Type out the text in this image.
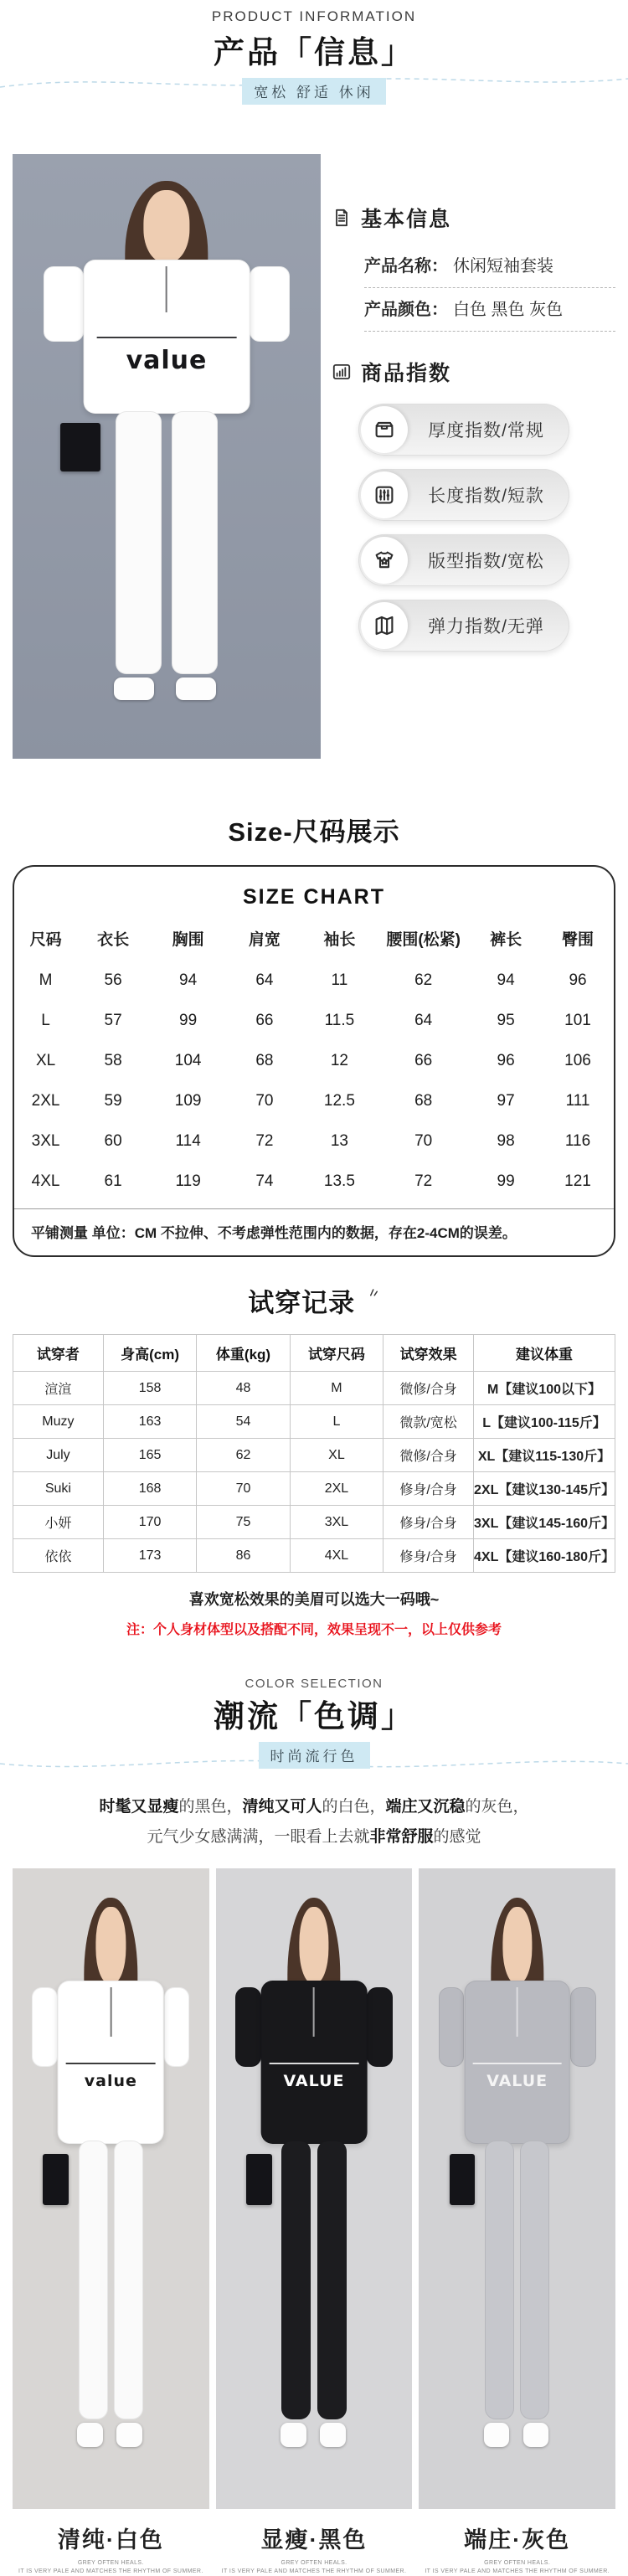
PRODUCT INFORMATION
产品「信息」
宽松 舒适 休闲
value
基本信息
产品名称： 休闲短袖套装
产品颜色： 白色 黑色 灰色
商品指数
厚度指数/常规
长度指数/短款
版型指数/宽松
弹力指数/无弹
Size-尺码展示
SIZE CHART
尺码	衣长	胸围	肩宽	袖长	腰围(松紧)	裤长	臀围
M	56	94	64	11	62	94	96
L	57	99	66	11.5	64	95	101
XL	58	104	68	12	66	96	106
2XL	59	109	70	12.5	68	97	111
3XL	60	114	72	13	70	98	116
4XL	61	119	74	13.5	72	99	121
平铺测量 单位：CM 不拉伸、不考虑弹性范围内的数据，存在2-4CM的误差。
试穿记录
试穿者	身高(cm)	体重(kg)	试穿尺码	试穿效果	建议体重
渲渲	158	48	M	微修/合身	M【建议100以下】
Muzy	163	54	L	微款/宽松	L【建议100-115斤】
July	165	62	XL	微修/合身	XL【建议115-130斤】
Suki	168	70	2XL	修身/合身	2XL【建议130-145斤】
小妍	170	75	3XL	修身/合身	3XL【建议145-160斤】
依依	173	86	4XL	修身/合身	4XL【建议160-180斤】

喜欢宽松效果的美眉可以选大一码哦~

注：个人身材体型以及搭配不同，效果呈现不一，以上仅供参考

COLOR SELECTION
潮流「色调」
时尚流行色

时髦又显瘦的黑色，清纯又可人的白色，端庄又沉稳的灰色，

元气少女感满满，一眼看上去就非常舒服的感觉

value
清纯·白色
GREY OFTEN HEALS.
IT IS VERY PALE AND MATCHES THE RHYTHM OF SUMMER.
VALUE
显瘦·黑色
GREY OFTEN HEALS.
IT IS VERY PALE AND MATCHES THE RHYTHM OF SUMMER.
VALUE
端庄·灰色
GREY OFTEN HEALS.
IT IS VERY PALE AND MATCHES THE RHYTHM OF SUMMER.
